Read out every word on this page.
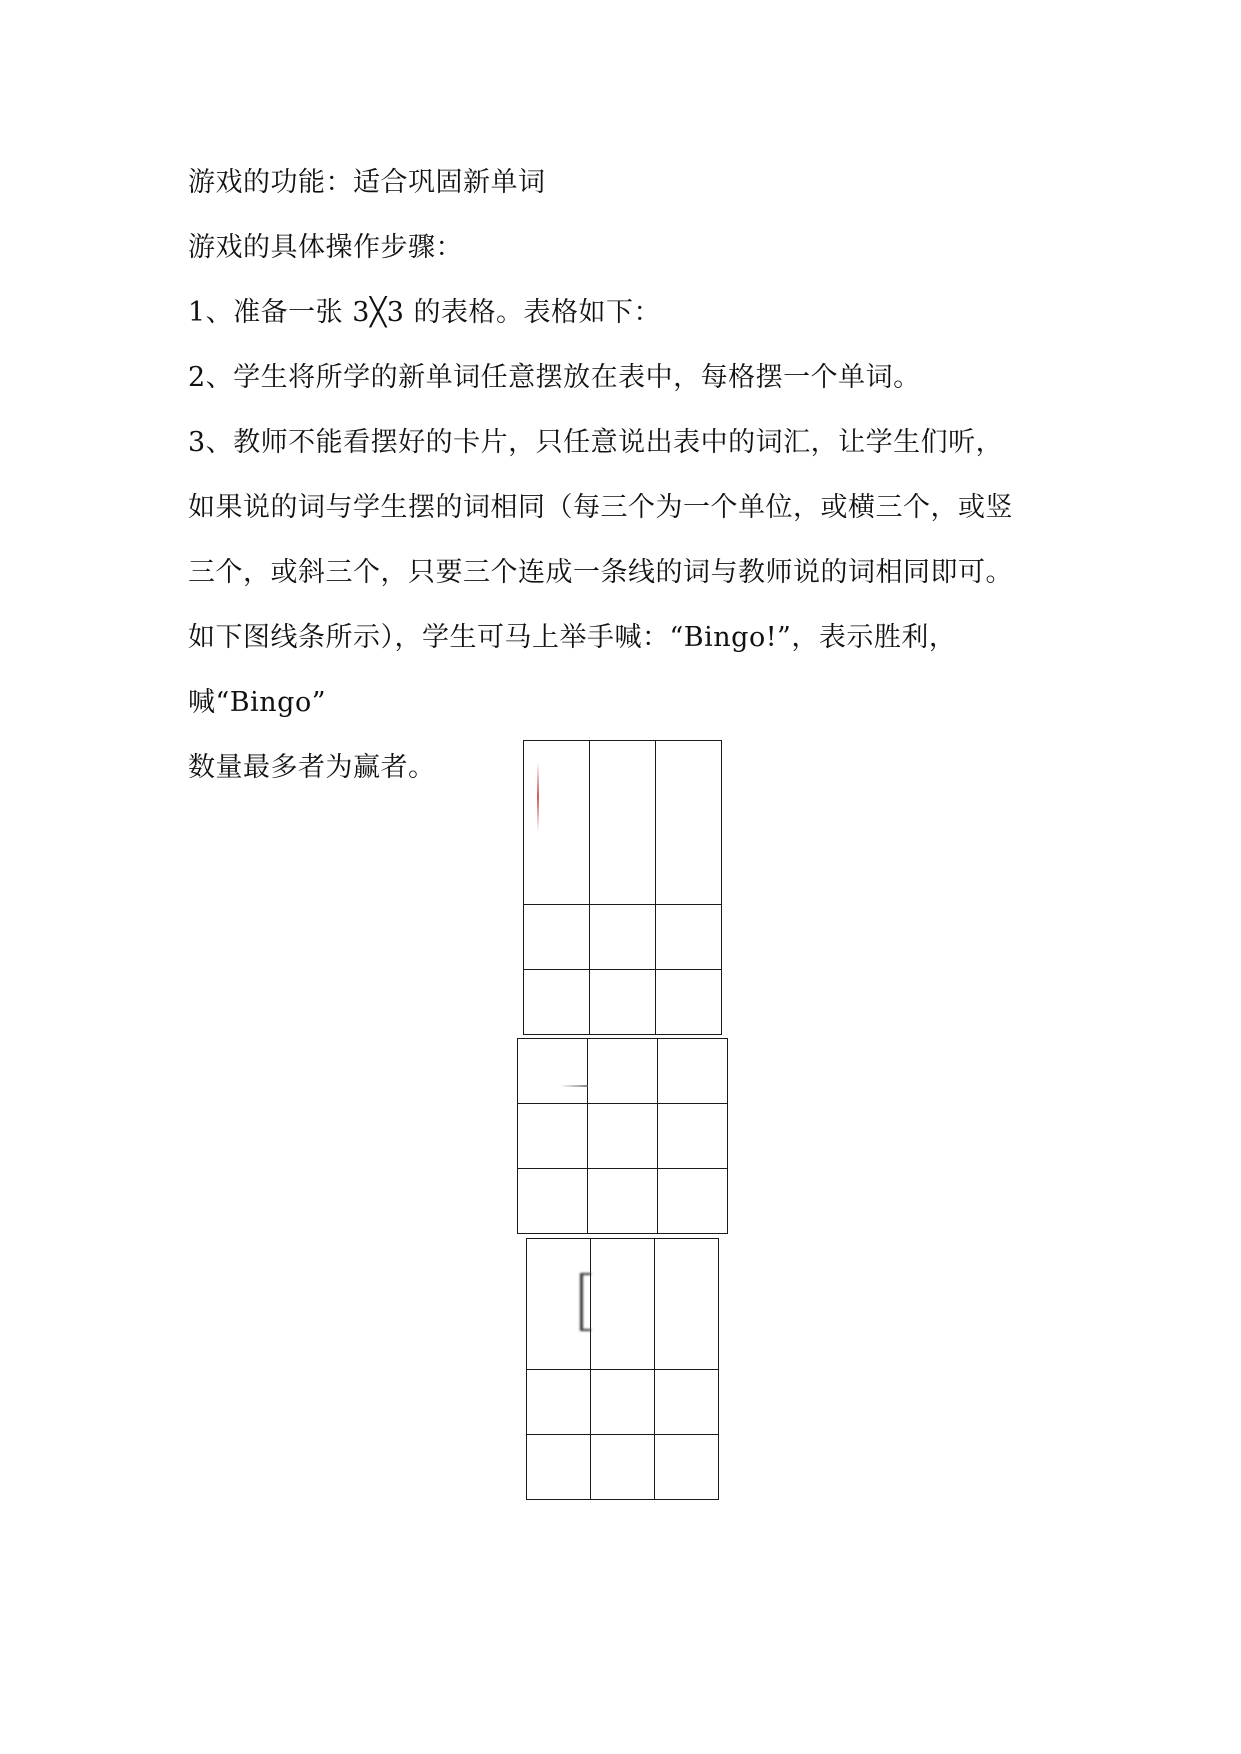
游戏的功能：适合巩固新单词

游戏的具体操作步骤：

1、准备一张 3╳3 的表格。表格如下：

2、学生将所学的新单词任意摆放在表中，每格摆一个单词。

3、教师不能看摆好的卡片，只任意说出表中的词汇，让学生们听，

如果说的词与学生摆的词相同（每三个为一个单位，或横三个，或竖

三个，或斜三个，只要三个连成一条线的词与教师说的词相同即可。

如下图线条所示），学生可马上举手喊：“Bingo!”，表示胜利，喊“Bingo”

数量最多者为赢者。
